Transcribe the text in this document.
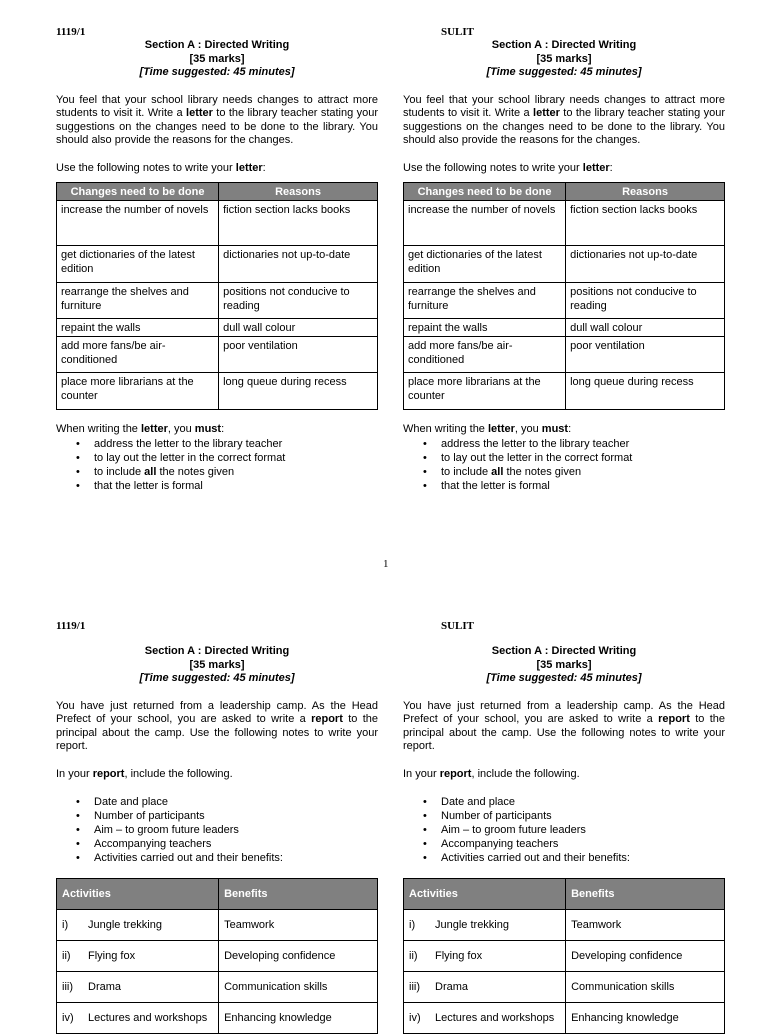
1119/1	SULIT
Section A : Directed Writing
[35 marks]
[Time suggested: 45 minutes]

You feel that your school library needs changes to attract more students to visit it. Write a letter to the library teacher stating your suggestions on the changes need to be done to the library. You should also provide the reasons for the changes.

Use the following notes to write your letter:

Changes need to be done	Reasons
increase the number of novels	fiction section lacks books
get dictionaries of the latest edition	dictionaries not up-to-date
rearrange the shelves and furniture	positions not conducive to reading
repaint the walls	dull wall colour
add more fans/be air-conditioned	poor ventilation
place more librarians at the counter	long queue during recess

When writing the letter, you must:

• address the letter to the library teacher
• to lay out the letter in the correct format
• to include all the notes given
• that the letter is formal
Section A : Directed Writing
[35 marks]
[Time suggested: 45 minutes]

You feel that your school library needs changes to attract more students to visit it. Write a letter to the library teacher stating your suggestions on the changes need to be done to the library. You should also provide the reasons for the changes.

Use the following notes to write your letter:

Changes need to be done	Reasons
increase the number of novels	fiction section lacks books
get dictionaries of the latest edition	dictionaries not up-to-date
rearrange the shelves and furniture	positions not conducive to reading
repaint the walls	dull wall colour
add more fans/be air-conditioned	poor ventilation
place more librarians at the counter	long queue during recess

When writing the letter, you must:

• address the letter to the library teacher
• to lay out the letter in the correct format
• to include all the notes given
• that the letter is formal
1
1119/1	SULIT
Section A : Directed Writing
[35 marks]
[Time suggested: 45 minutes]

You have just returned from a leadership camp. As the Head Prefect of your school, you are asked to write a report to the principal about the camp. Use the following notes to write your report.

In your report, include the following.

• Date and place
• Number of participants
• Aim – to groom future leaders
• Accompanying teachers
• Activities carried out and their benefits:
Activities	Benefits
i) Jungle trekking	Teamwork
ii) Flying fox	Developing confidence
iii) Drama	Communication skills
iv) Lectures and workshops	Enhancing knowledge
Section A : Directed Writing
[35 marks]
[Time suggested: 45 minutes]

You have just returned from a leadership camp. As the Head Prefect of your school, you are asked to write a report to the principal about the camp. Use the following notes to write your report.

In your report, include the following.

• Date and place
• Number of participants
• Aim – to groom future leaders
• Accompanying teachers
• Activities carried out and their benefits:
Activities	Benefits
i) Jungle trekking	Teamwork
ii) Flying fox	Developing confidence
iii) Drama	Communication skills
iv) Lectures and workshops	Enhancing knowledge
